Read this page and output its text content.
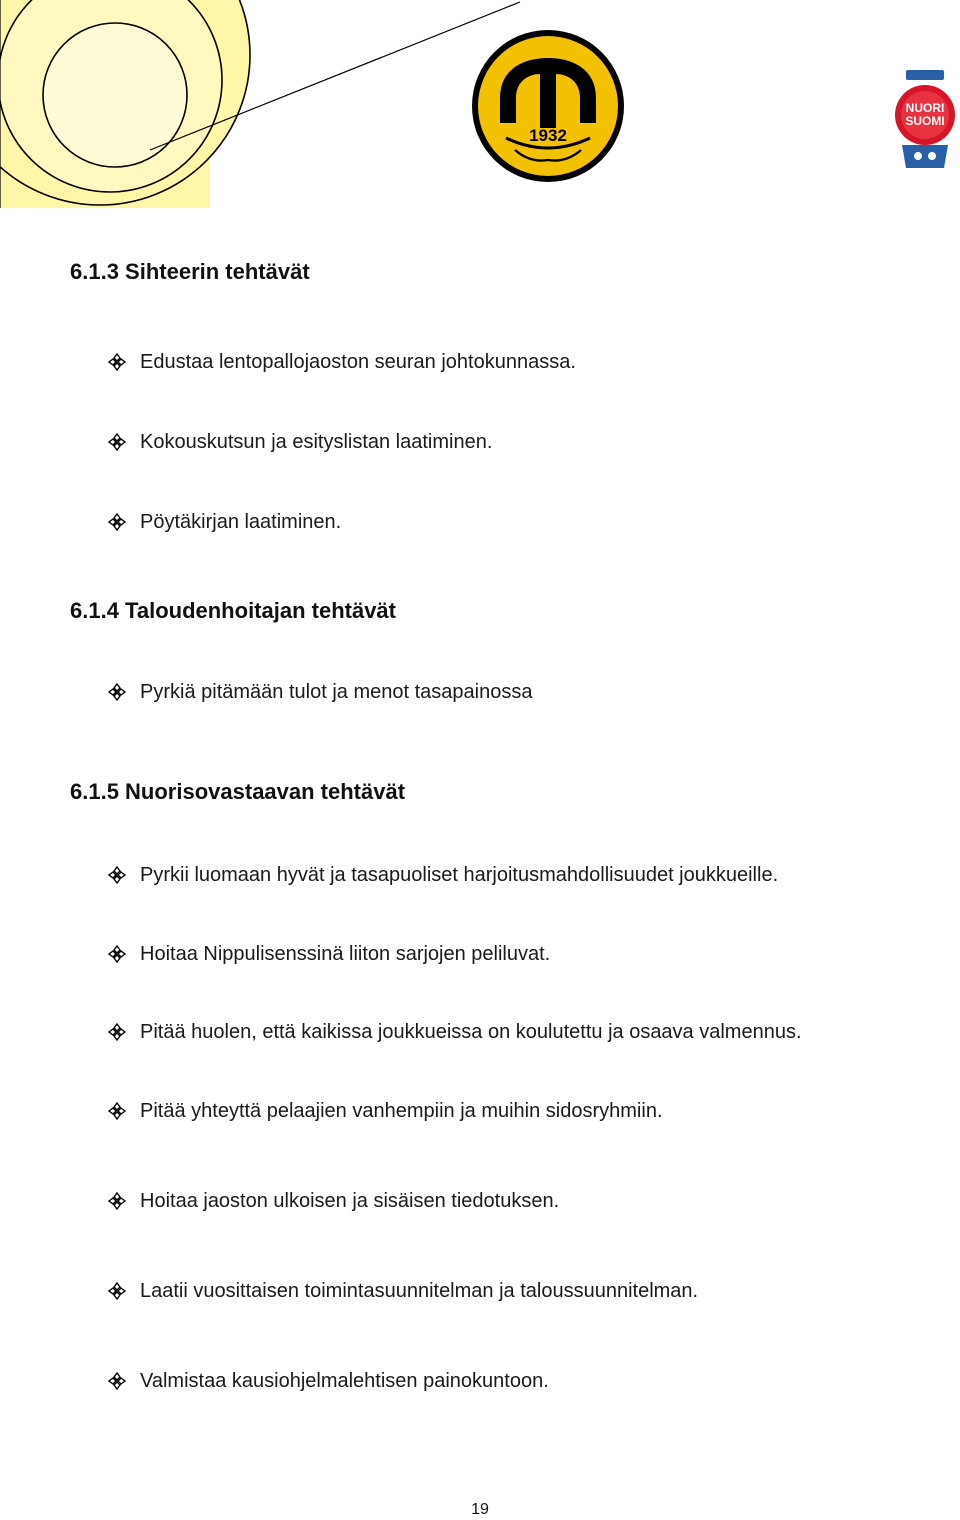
1932
NUORI
SUOMI
6.1.3 Sihteerin tehtävät
Edustaa lentopallojaoston seuran johtokunnassa.
Kokouskutsun ja esityslistan laatiminen.
Pöytäkirjan laatiminen.
6.1.4 Taloudenhoitajan tehtävät
Pyrkiä pitämään tulot ja menot tasapainossa
6.1.5 Nuorisovastaavan tehtävät
Pyrkii luomaan hyvät ja tasapuoliset harjoitusmahdollisuudet joukkueille.
Hoitaa Nippulisenssinä liiton sarjojen peliluvat.
Pitää huolen, että kaikissa joukkueissa on koulutettu ja osaava valmennus.
Pitää yhteyttä pelaajien vanhempiin ja muihin sidosryhmiin.
Hoitaa jaoston ulkoisen ja sisäisen tiedotuksen.
Laatii vuosittaisen toimintasuunnitelman ja taloussuunnitelman.
Valmistaa kausiohjelmalehtisen painokuntoon.
19
